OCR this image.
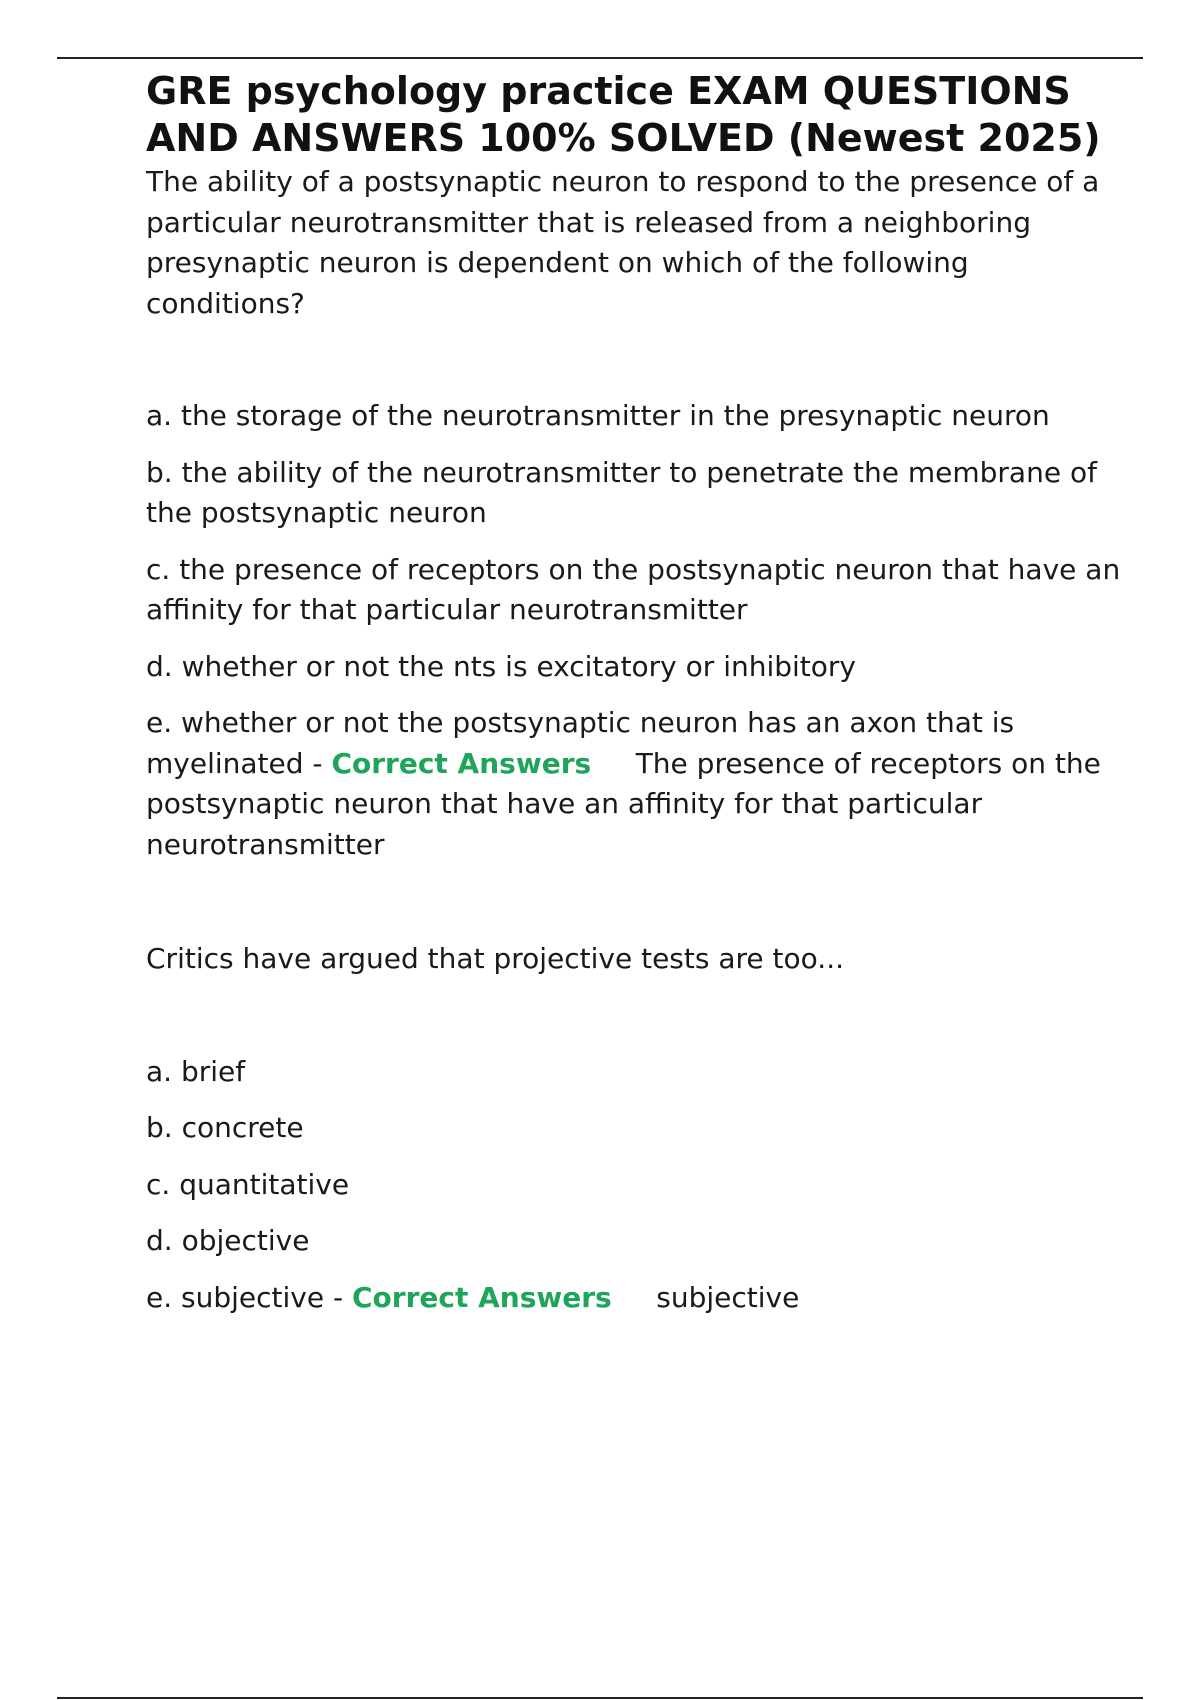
GRE psychology practice EXAM QUESTIONS AND ANSWERS 100% SOLVED (Newest 2025)

The ability of a postsynaptic neuron to respond to the presence of a particular neurotransmitter that is released from a neighboring presynaptic neuron is dependent on which of the following conditions?

a. the storage of the neurotransmitter in the presynaptic neuron

b. the ability of the neurotransmitter to penetrate the membrane of the postsynaptic neuron

c. the presence of receptors on the postsynaptic neuron that have an affinity for that particular neurotransmitter

d. whether or not the nts is excitatory or inhibitory

e. whether or not the postsynaptic neuron has an axon that is myelinated - Correct Answers The presence of receptors on the postsynaptic neuron that have an affinity for that particular neurotransmitter

Critics have argued that projective tests are too...

a. brief

b. concrete

c. quantitative

d. objective

e. subjective - Correct Answers subjective
